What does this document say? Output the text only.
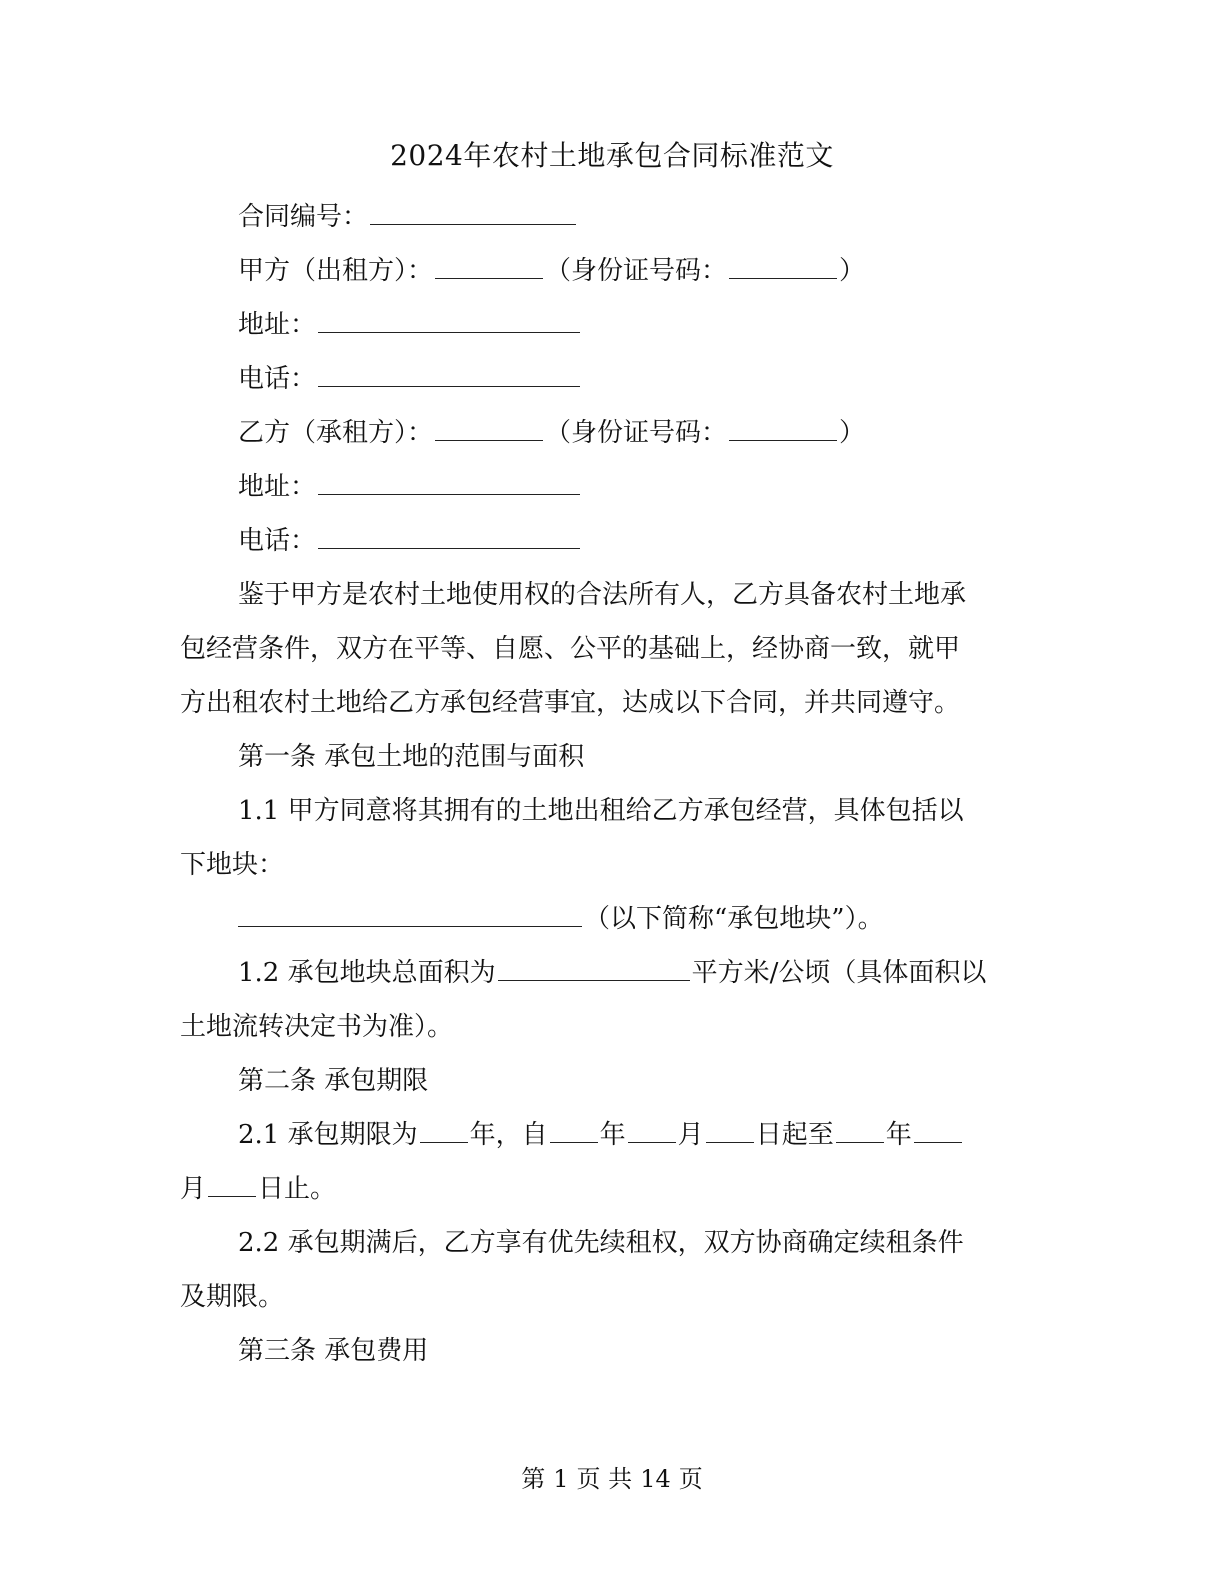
2024年农村土地承包合同标准范文
合同编号：
甲方（出租方）：	（身份证号码：	）
地址：
电话：
乙方（承租方）：	（身份证号码：	）
地址：
电话：
鉴于甲方是农村土地使用权的合法所有人，乙方具备农村土地承
包经营条件，双方在平等、自愿、公平的基础上，经协商一致，就甲
方出租农村土地给乙方承包经营事宜，达成以下合同，并共同遵守。
第一条 承包土地的范围与面积
1.1 甲方同意将其拥有的土地出租给乙方承包经营，具体包括以
下地块：
（以下简称“承包地块”）。
1.2 承包地块总面积为	平方米/公顷（具体面积以
土地流转决定书为准）。
第二条 承包期限
2.1 承包期限为 年，自 年 月 日起至 年
月 日止。
2.2 承包期满后，乙方享有优先续租权，双方协商确定续租条件
及期限。
第三条 承包费用
第 1 页 共 14 页
